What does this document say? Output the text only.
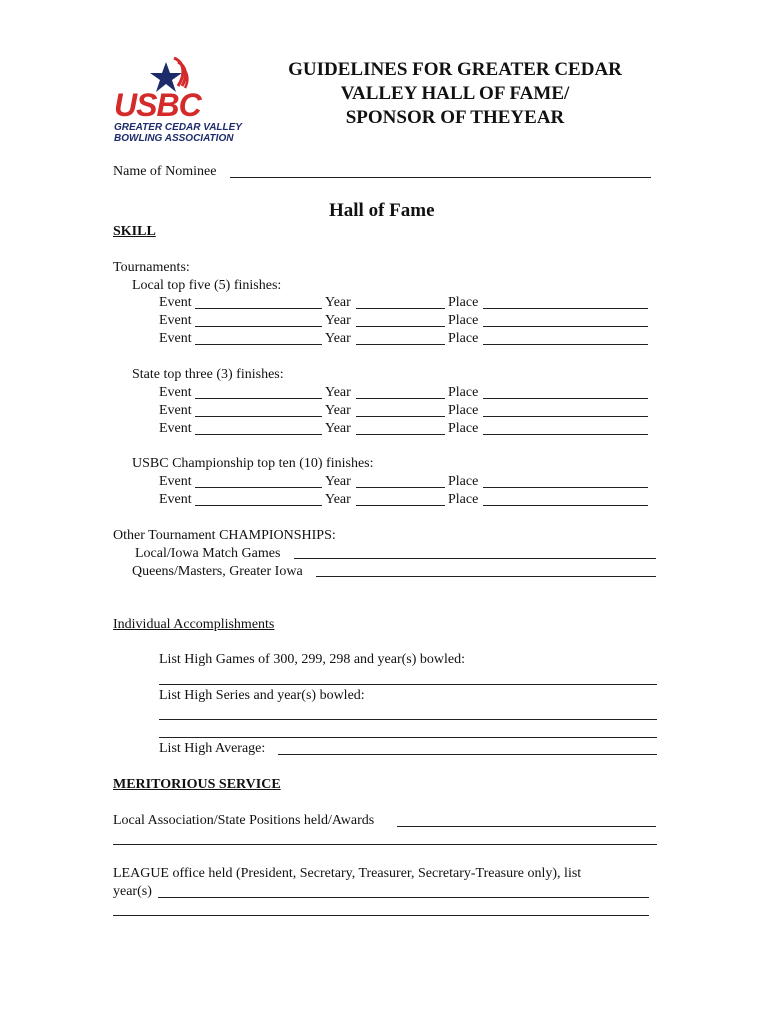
USBC
GREATER CEDAR VALLEY
BOWLING ASSOCIATION
GUIDELINES FOR GREATER CEDAR
VALLEY HALL OF FAME/
SPONSOR OF THEYEAR
Name of Nominee
Hall of Fame
SKILL
Tournaments:
Local top five (5) finishes:
Event	Year	Place
Event	Year	Place
Event	Year	Place
State top three (3) finishes:
Event	Year	Place
Event	Year	Place
Event	Year	Place
USBC Championship top ten (10) finishes:
Event	Year	Place
Event	Year	Place
Other Tournament CHAMPIONSHIPS:
Local/Iowa Match Games
Queens/Masters, Greater Iowa
Individual Accomplishments
List High Games of 300, 299, 298 and year(s) bowled:
List High Series and year(s) bowled:
List High Average:
MERITORIOUS SERVICE
Local Association/State Positions held/Awards
LEAGUE office held (President, Secretary, Treasurer, Secretary-Treasure only), list
year(s)
